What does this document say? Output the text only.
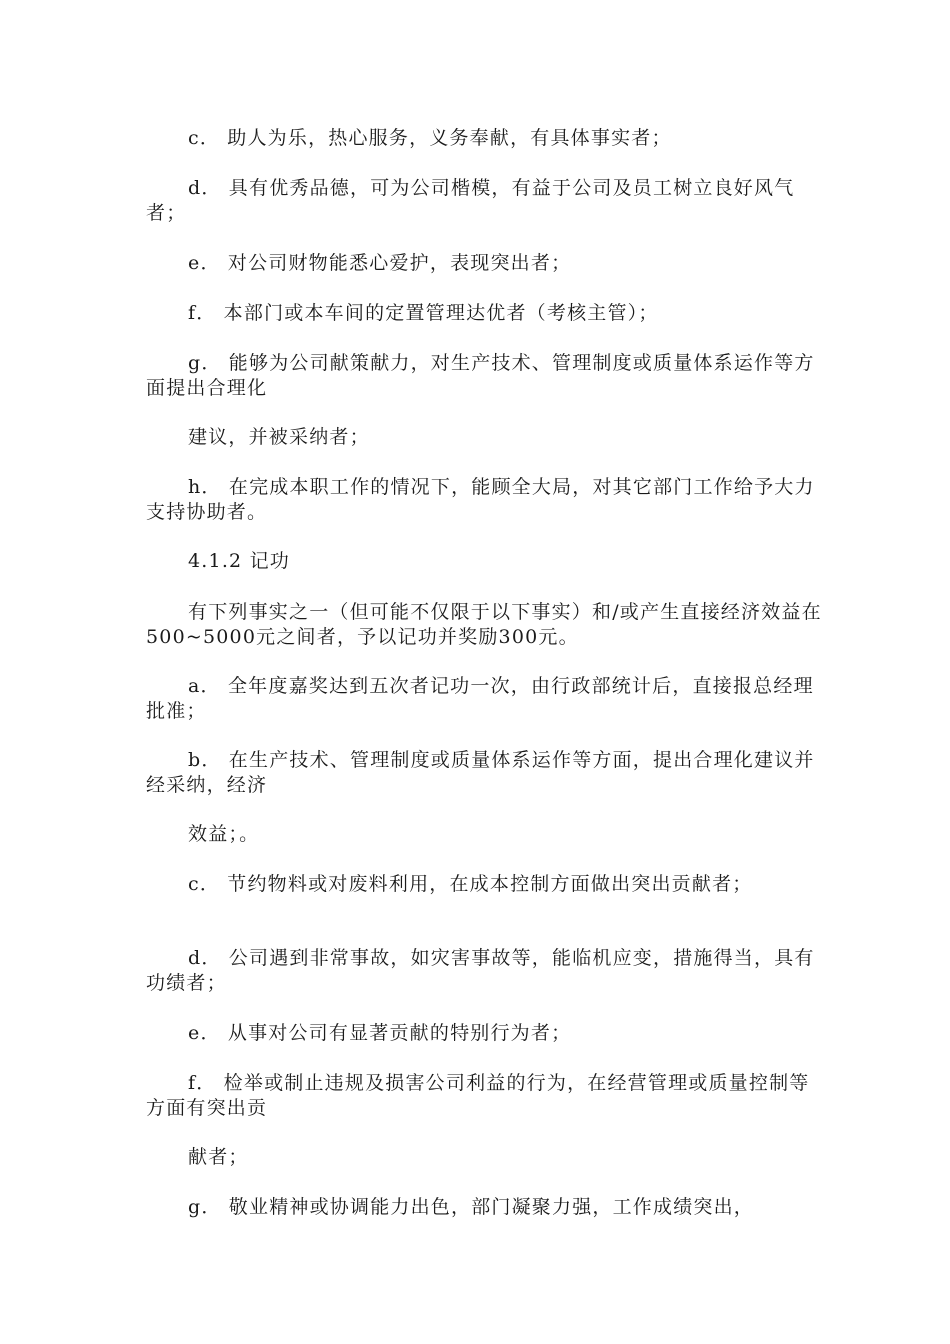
c． 助人为乐，热心服务，义务奉献，有具体事实者；
d． 具有优秀品德，可为公司楷模，有益于公司及员工树立良好风气者；
e． 对公司财物能悉心爱护，表现突出者；
f． 本部门或本车间的定置管理达优者（考核主管）；
g． 能够为公司献策献力，对生产技术、管理制度或质量体系运作等方面提出合理化
建议，并被采纳者；
h． 在完成本职工作的情况下，能顾全大局，对其它部门工作给予大力支持协助者。
4.1.2 记功
有下列事实之一（但可能不仅限于以下事实）和/或产生直接经济效益在500~5000元之间者，予以记功并奖励300元。
a． 全年度嘉奖达到五次者记功一次，由行政部统计后，直接报总经理批准；
b． 在生产技术、管理制度或质量体系运作等方面，提出合理化建议并经采纳，经济
效益；。
c． 节约物料或对废料利用，在成本控制方面做出突出贡献者；
d． 公司遇到非常事故，如灾害事故等，能临机应变，措施得当，具有功绩者；
e． 从事对公司有显著贡献的特别行为者；
f． 检举或制止违规及损害公司利益的行为，在经营管理或质量控制等方面有突出贡
献者；
g． 敬业精神或协调能力出色，部门凝聚力强，工作成绩突出，
